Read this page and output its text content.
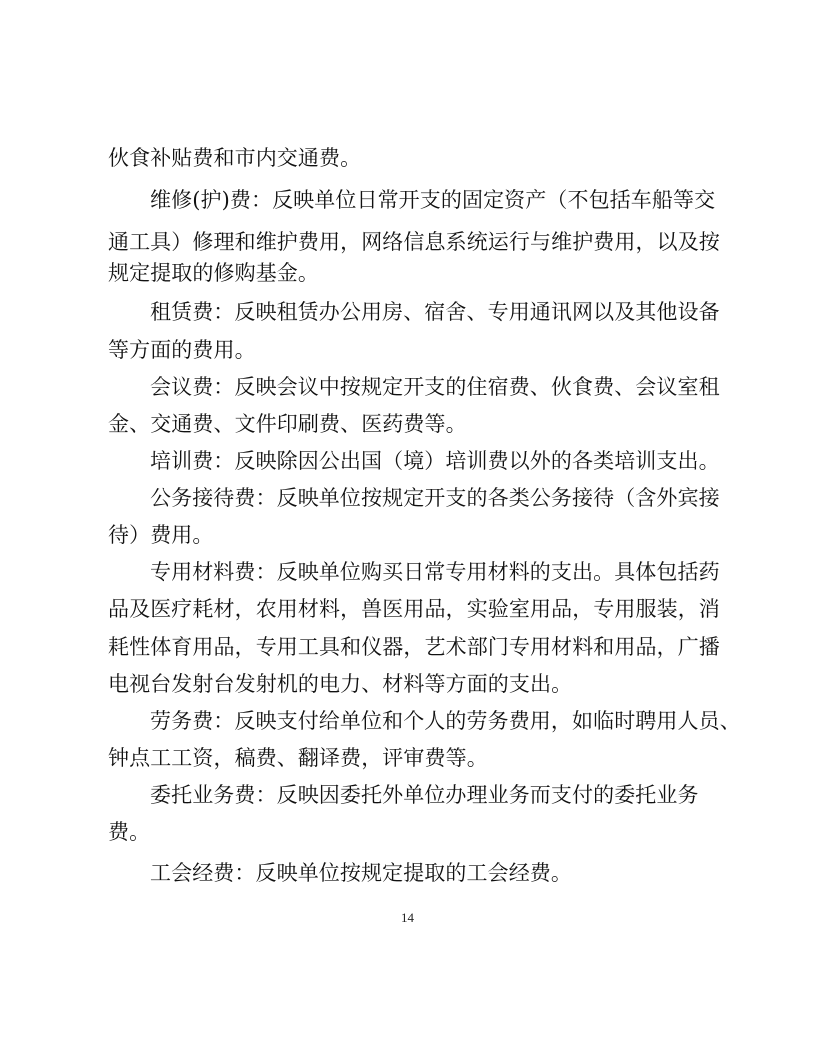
伙食补贴费和市内交通费。
维修(护)费：反映单位日常开支的固定资产（不包括车船等交
通工具）修理和维护费用，网络信息系统运行与维护费用，以及按
规定提取的修购基金。
租赁费：反映租赁办公用房、宿舍、专用通讯网以及其他设备
等方面的费用。
会议费：反映会议中按规定开支的住宿费、伙食费、会议室租
金、交通费、文件印刷费、医药费等。
培训费：反映除因公出国（境）培训费以外的各类培训支出。
公务接待费：反映单位按规定开支的各类公务接待（含外宾接
待）费用。
专用材料费：反映单位购买日常专用材料的支出。具体包括药
品及医疗耗材，农用材料，兽医用品，实验室用品，专用服装，消
耗性体育用品，专用工具和仪器，艺术部门专用材料和用品，广播
电视台发射台发射机的电力、材料等方面的支出。
劳务费：反映支付给单位和个人的劳务费用，如临时聘用人员、
钟点工工资，稿费、翻译费，评审费等。
委托业务费：反映因委托外单位办理业务而支付的委托业务
费。
工会经费：反映单位按规定提取的工会经费。
14
